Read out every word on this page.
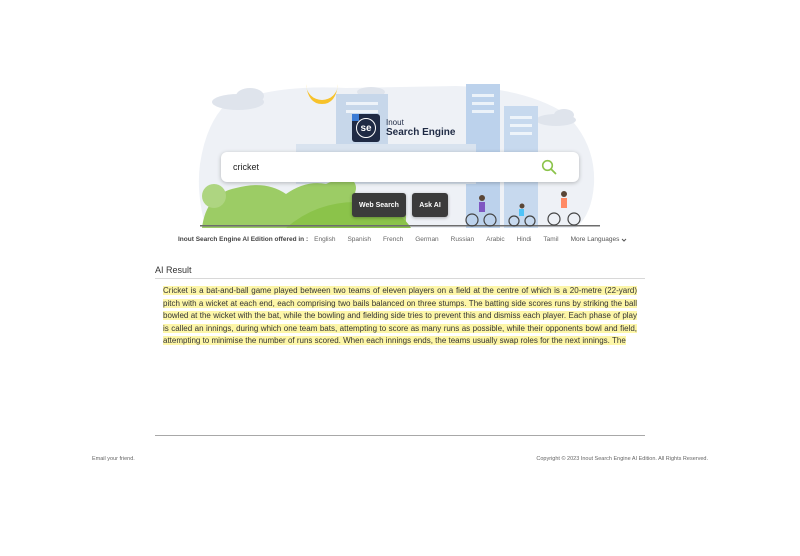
se	Inout
Search Engine
cricket
Web Search	Ask AI
Inout Search Engine AI Edition offered in : English Spanish French German Russian Arabic Hindi Tamil More Languages
AI Result
Cricket is a bat-and-ball game played between two teams of eleven players on a field at the centre of which is a 20-metre (22-yard) pitch with a wicket at each end, each comprising two bails balanced on three stumps. The batting side scores runs by striking the ball bowled at the wicket with the bat, while the bowling and fielding side tries to prevent this and dismiss each player. Each phase of play is called an innings, during which one team bats, attempting to score as many runs as possible, while their opponents bowl and field, attempting to minimise the number of runs scored. When each innings ends, the teams usually swap roles for the next innings. The
Email your friend.	Copyright © 2023 Inout Search Engine AI Edition. All Rights Reserved.
